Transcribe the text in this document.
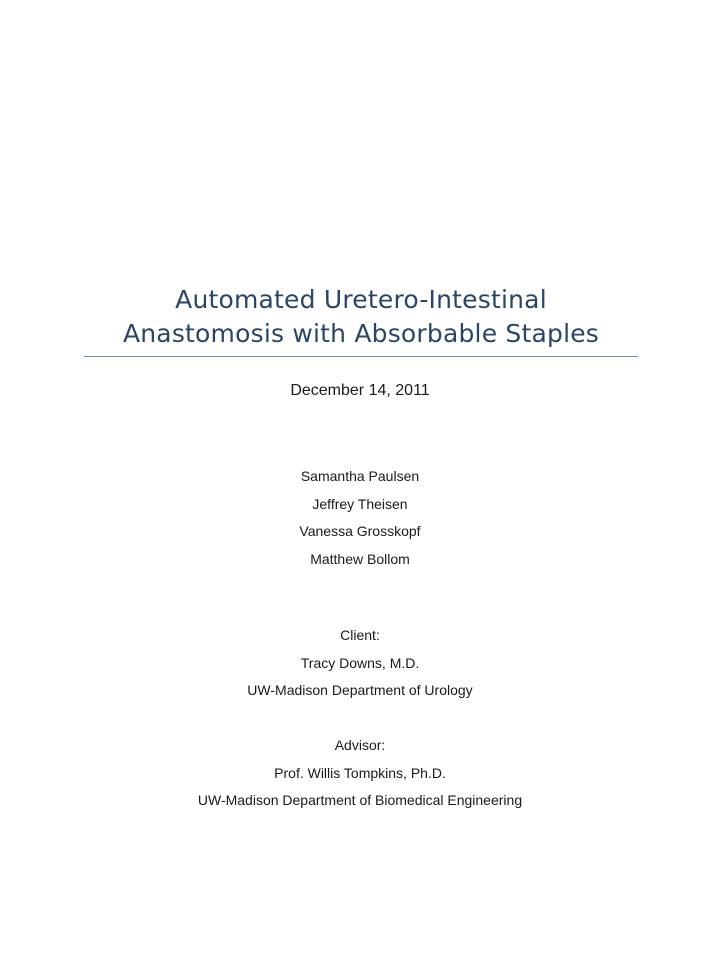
Automated Uretero-Intestinal
Anastomosis with Absorbable Staples
December 14, 2011
Samantha Paulsen
Jeffrey Theisen
Vanessa Grosskopf
Matthew Bollom
Client:
Tracy Downs, M.D.
UW-Madison Department of Urology
Advisor:
Prof. Willis Tompkins, Ph.D.
UW-Madison Department of Biomedical Engineering
